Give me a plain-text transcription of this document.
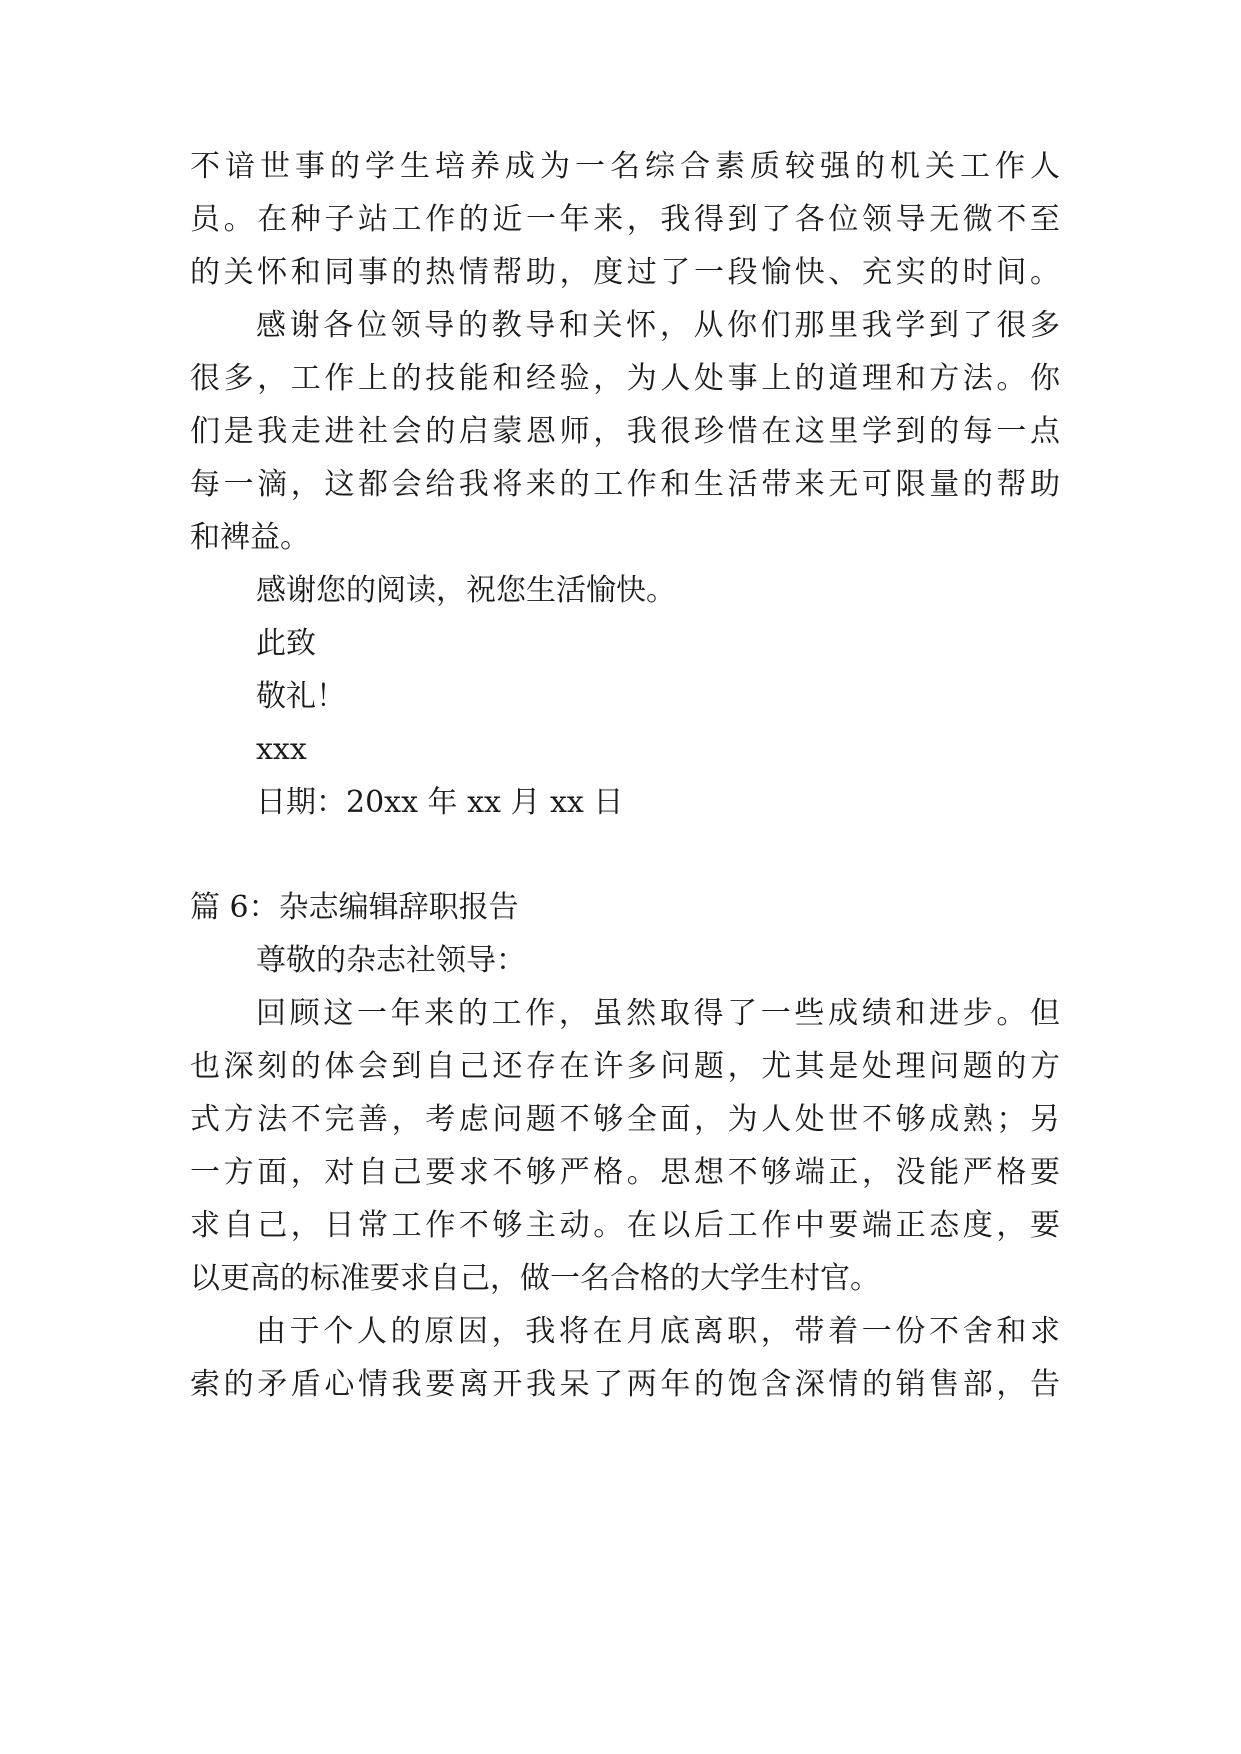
不谙世事的学生培养成为一名综合素质较强的机关工作人
员。在种子站工作的近一年来，我得到了各位领导无微不至
的关怀和同事的热情帮助，度过了一段愉快、充实的时间。
感谢各位领导的教导和关怀，从你们那里我学到了很多
很多，工作上的技能和经验，为人处事上的道理和方法。你
们是我走进社会的启蒙恩师，我很珍惜在这里学到的每一点
每一滴，这都会给我将来的工作和生活带来无可限量的帮助
和裨益。
感谢您的阅读，祝您生活愉快。
此致
敬礼！
xxx
日期：20xx 年 xx 月 xx 日
篇 6：杂志编辑辞职报告
尊敬的杂志社领导：
回顾这一年来的工作，虽然取得了一些成绩和进步。但
也深刻的体会到自己还存在许多问题，尤其是处理问题的方
式方法不完善，考虑问题不够全面，为人处世不够成熟；另
一方面，对自己要求不够严格。思想不够端正，没能严格要
求自己，日常工作不够主动。在以后工作中要端正态度，要
以更高的标准要求自己，做一名合格的大学生村官。
由于个人的原因，我将在月底离职，带着一份不舍和求
索的矛盾心情我要离开我呆了两年的饱含深情的销售部，告
